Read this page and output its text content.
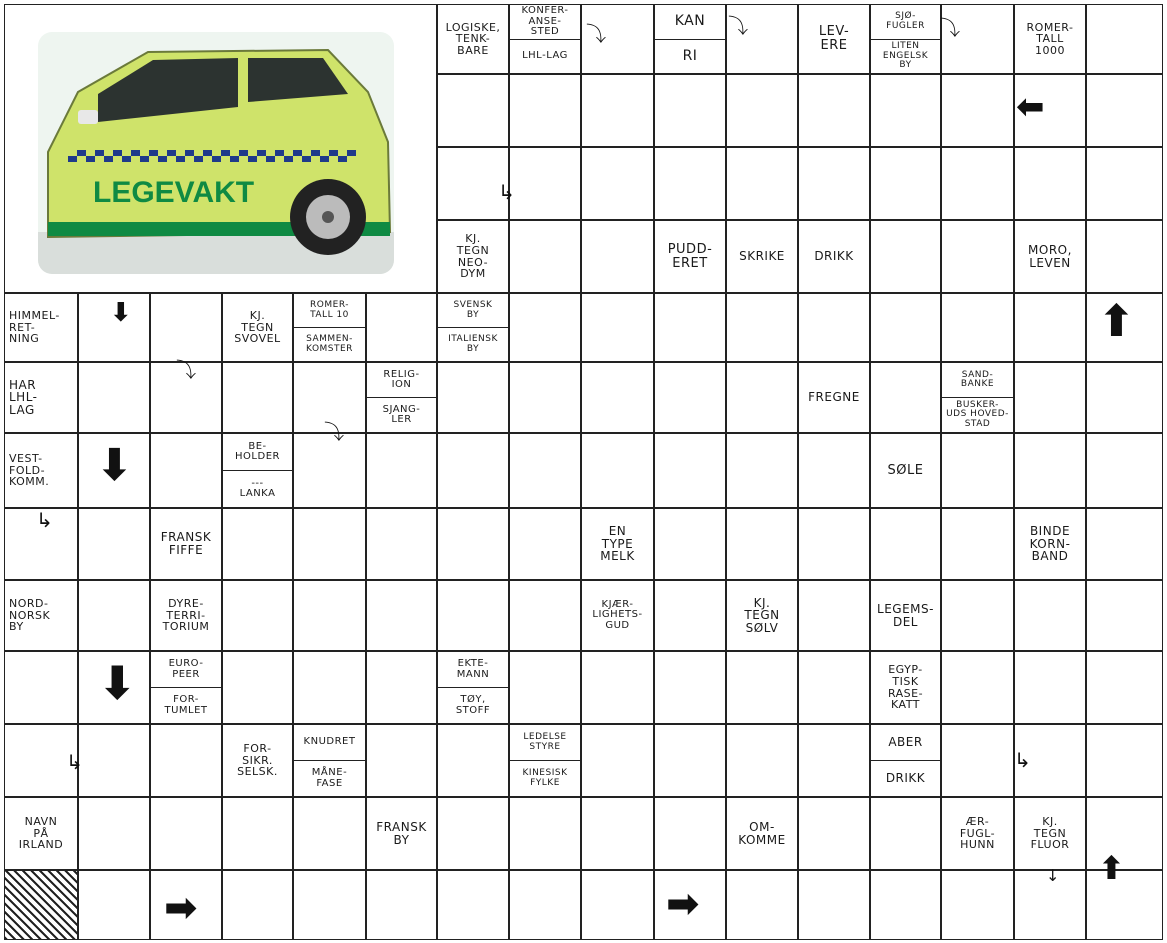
LOGISKE,
TENK-
BARE
KONFER-
ANSE-
STED
LHL-LAG
KAN
RI
LEV-
ERE
SJØ-
FUGLER
LITEN
ENGELSK
BY
ROMER-
TALL
1000
KJ.
TEGN
NEO-
DYM
PUDD-
ERET	SKRIKE	DRIKK	MORO,
LEVEN
HIMMEL-
RET-
NING
KJ.
TEGN
SVOVEL
ROMER-
TALL 10
SAMMEN-
KOMSTER
SVENSK
BY
ITALIENSK
BY
HAR
LHL-
LAG
RELIG-
ION
SJANG-
LER
FREGNE
SAND-
BANKE
BUSKER-
UDS HOVED-
STAD
VEST-
FOLD-
KOMM.
BE-
HOLDER
---
LANKA
SØLE
FRANSK
FIFFE
EN
TYPE
MELK
BINDE
KORN-
BAND
NORD-
NORSK
BY
DYRE-
TERRI-
TORIUM
KJÆR-
LIGHETS-
GUD
KJ.
TEGN
SØLV
LEGEMS-
DEL
EURO-
PEER
FOR-
TUMLET
EKTE-
MANN
TØY,
STOFF
EGYP-
TISK
RASE-
KATT
FOR-
SIKR.
SELSK.
KNUDRET
MÅNE-
FASE
LEDELSE
STYRE
KINESISK
FYLKE
ABER
DRIKK
NAVN
PÅ
IRLAND
FRANSK
BY
OM-
KOMME
ÆR-
FUGL-
HUNN
KJ.
TEGN
FLUOR
⬇
⬇
⬇
⬅
⬆
⬆
➡	➡
↳
↳	↳
↳
⤵	⤵	⤵
⤵
⤵
↓
LEGEVAKT
